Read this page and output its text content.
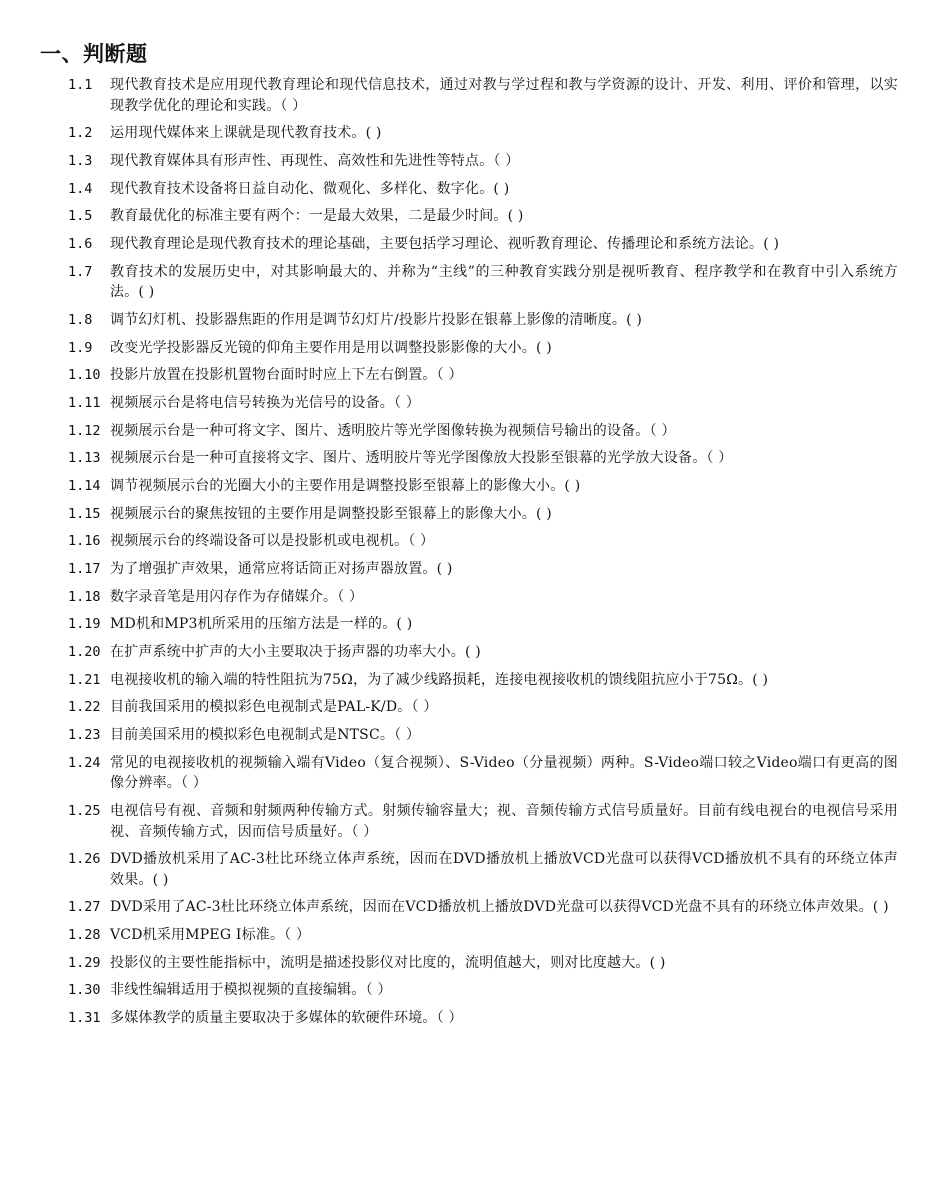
一、判断题
1.1	现代教育技术是应用现代教育理论和现代信息技术，通过对教与学过程和教与学资源的设计、开发、利用、评价和管理，以实现教学优化的理论和实践。（ ）
1.2	运用现代媒体来上课就是现代教育技术。( )
1.3	现代教育媒体具有形声性、再现性、高效性和先进性等特点。（ ）
1.4	现代教育技术设备将日益自动化、微观化、多样化、数字化。( )
1.5	教育最优化的标准主要有两个：一是最大效果，二是最少时间。( )
1.6	现代教育理论是现代教育技术的理论基础，主要包括学习理论、视听教育理论、传播理论和系统方法论。( )
1.7	教育技术的发展历史中，对其影响最大的、并称为“主线”的三种教育实践分别是视听教育、程序教学和在教育中引入系统方法。( )
1.8	调节幻灯机、投影器焦距的作用是调节幻灯片/投影片投影在银幕上影像的清晰度。( )
1.9	改变光学投影器反光镜的仰角主要作用是用以调整投影影像的大小。( )
1.10 投影片放置在投影机置物台面时时应上下左右倒置。（ ）
1.11 视频展示台是将电信号转换为光信号的设备。（ ）
1.12 视频展示台是一种可将文字、图片、透明胶片等光学图像转换为视频信号输出的设备。（ ）
1.13 视频展示台是一种可直接将文字、图片、透明胶片等光学图像放大投影至银幕的光学放大设备。（ ）
1.14 调节视频展示台的光圈大小的主要作用是调整投影至银幕上的影像大小。( )
1.15 视频展示台的聚焦按钮的主要作用是调整投影至银幕上的影像大小。( )
1.16 视频展示台的终端设备可以是投影机或电视机。（ ）
1.17 为了增强扩声效果，通常应将话筒正对扬声器放置。( )
1.18 数字录音笔是用闪存作为存储媒介。（ ）
1.19 MD机和MP3机所采用的压缩方法是一样的。( )
1.20 在扩声系统中扩声的大小主要取决于扬声器的功率大小。( )
1.21 电视接收机的输入端的特性阻抗为75Ω，为了减少线路损耗，连接电视接收机的馈线阻抗应小于75Ω。( )
1.22 目前我国采用的模拟彩色电视制式是PAL-K/D。（ ）
1.23 目前美国采用的模拟彩色电视制式是NTSC。（ ）
1.24 常见的电视接收机的视频输入端有Video（复合视频）、S-Video（分量视频）两种。S-Video端口较之Video端口有更高的图像分辨率。（ ）
1.25 电视信号有视、音频和射频两种传输方式。射频传输容量大；视、音频传输方式信号质量好。目前有线电视台的电视信号采用视、音频传输方式，因而信号质量好。（ ）
1.26 DVD播放机采用了AC-3杜比环绕立体声系统，因而在DVD播放机上播放VCD光盘可以获得VCD播放机不具有的环绕立体声效果。( )
1.27 DVD采用了AC-3杜比环绕立体声系统，因而在VCD播放机上播放DVD光盘可以获得VCD光盘不具有的环绕立体声效果。( )
1.28 VCD机采用MPEG Ⅰ标准。（ ）
1.29 投影仪的主要性能指标中，流明是描述投影仪对比度的，流明值越大，则对比度越大。( )
1.30 非线性编辑适用于模拟视频的直接编辑。（ ）
1.31 多媒体教学的质量主要取决于多媒体的软硬件环境。（ ）
